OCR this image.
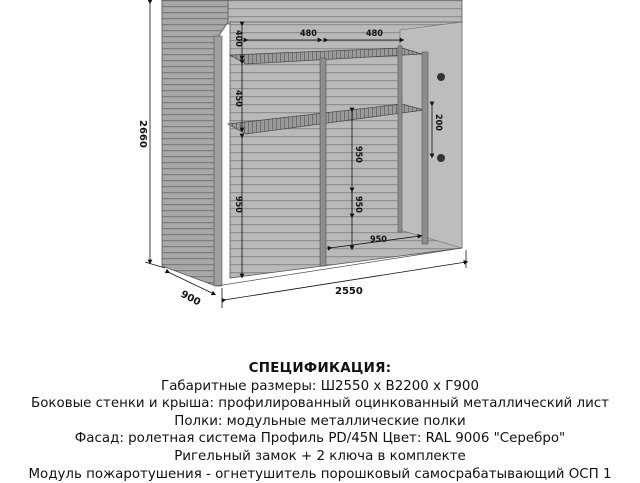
2660
900	2550
480	480
400
450
950
950
950
950
200
СПЕЦИФИКАЦИЯ:
Габаритные размеры: Ш2550 х В2200 х Г900
Боковые стенки и крыша: профилированный оцинкованный металлический лист
Полки: модульные металлические полки
Фасад: ролетная система Профиль PD/45N Цвет: RAL 9006 "Серебро"
Ригельный замок + 2 ключа в комплекте
Модуль пожаротушения - огнетушитель порошковый самосрабатывающий ОСП 1
